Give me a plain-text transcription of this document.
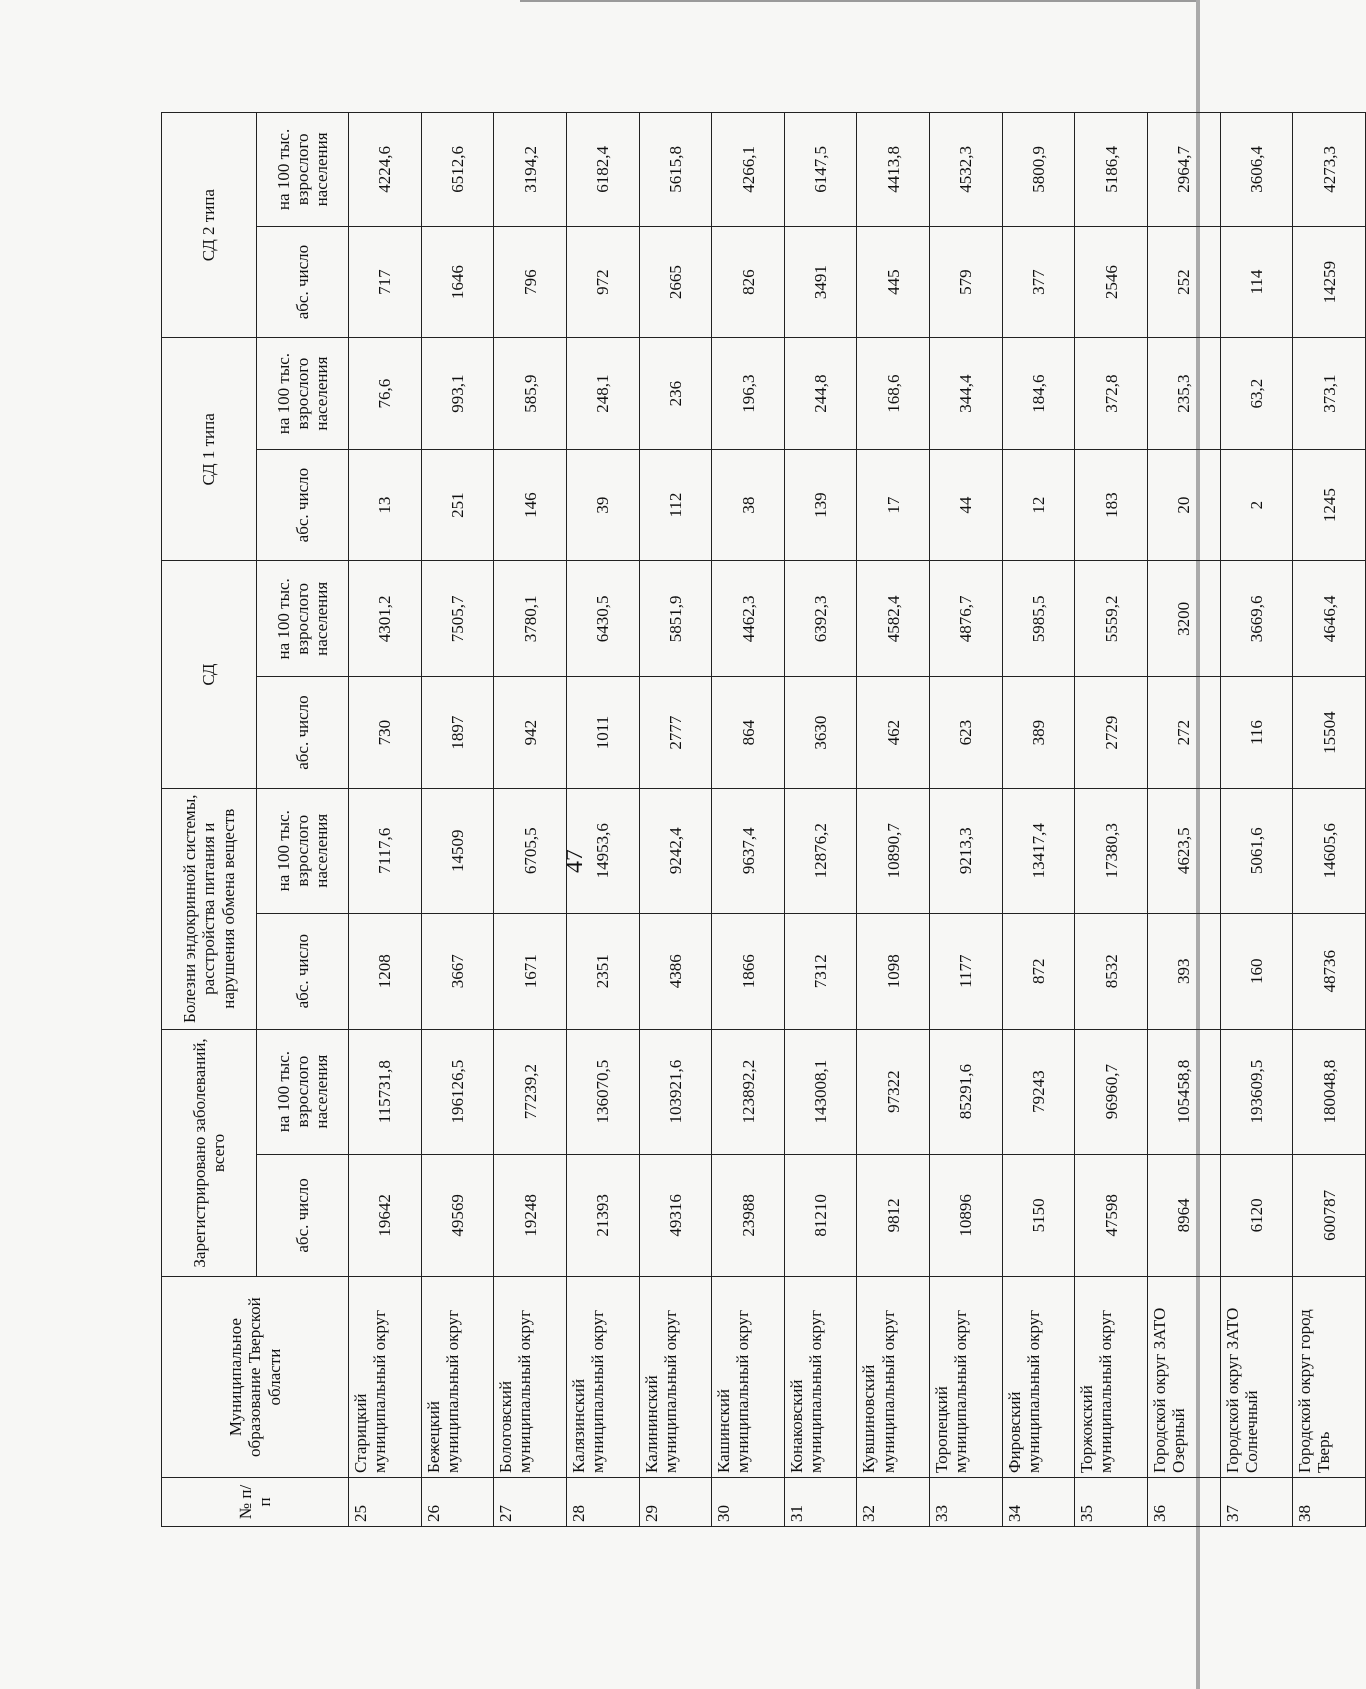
47
№ п/п	Муниципальное образование Тверской области	Зарегистрировано заболеваний, всего		Болезни эндокринной системы, расстройства питания и нарушения обмена веществ		СД		СД 1 типа		СД 2 типа	
		абс. число	на 100 тыс. взрослого населения	абс. число	на 100 тыс. взрослого населения	абс. число	на 100 тыс. взрослого населения	абс. число	на 100 тыс. взрослого населения	абс. число	на 100 тыс. взрослого населения
25	Старицкий муниципальный округ	19642	115731,8	1208	7117,6	730	4301,2	13	76,6	717	4224,6
26	Бежецкий муниципальный округ	49569	196126,5	3667	14509	1897	7505,7	251	993,1	1646	6512,6
27	Бологовский муниципальный округ	19248	77239,2	1671	6705,5	942	3780,1	146	585,9	796	3194,2
28	Калязинский муниципальный округ	21393	136070,5	2351	14953,6	1011	6430,5	39	248,1	972	6182,4
29	Калининский муниципальный округ	49316	103921,6	4386	9242,4	2777	5851,9	112	236	2665	5615,8
30	Кашинский муниципальный округ	23988	123892,2	1866	9637,4	864	4462,3	38	196,3	826	4266,1
31	Конаковский муниципальный округ	81210	143008,1	7312	12876,2	3630	6392,3	139	244,8	3491	6147,5
32	Кувшиновский муниципальный округ	9812	97322	1098	10890,7	462	4582,4	17	168,6	445	4413,8
33	Торопецкий муниципальный округ	10896	85291,6	1177	9213,3	623	4876,7	44	344,4	579	4532,3
34	Фировский муниципальный округ	5150	79243	872	13417,4	389	5985,5	12	184,6	377	5800,9
35	Торжокский муниципальный округ	47598	96960,7	8532	17380,3	2729	5559,2	183	372,8	2546	5186,4
36	Городской округ ЗАТО Озерный	8964	105458,8	393	4623,5	272	3200	20	235,3	252	2964,7
37	Городской округ ЗАТО Солнечный	6120	193609,5	160	5061,6	116	3669,6	2	63,2	114	3606,4
38	Городской округ город Тверь	600787	180048,8	48736	14605,6	15504	4646,4	1245	373,1	14259	4273,3
